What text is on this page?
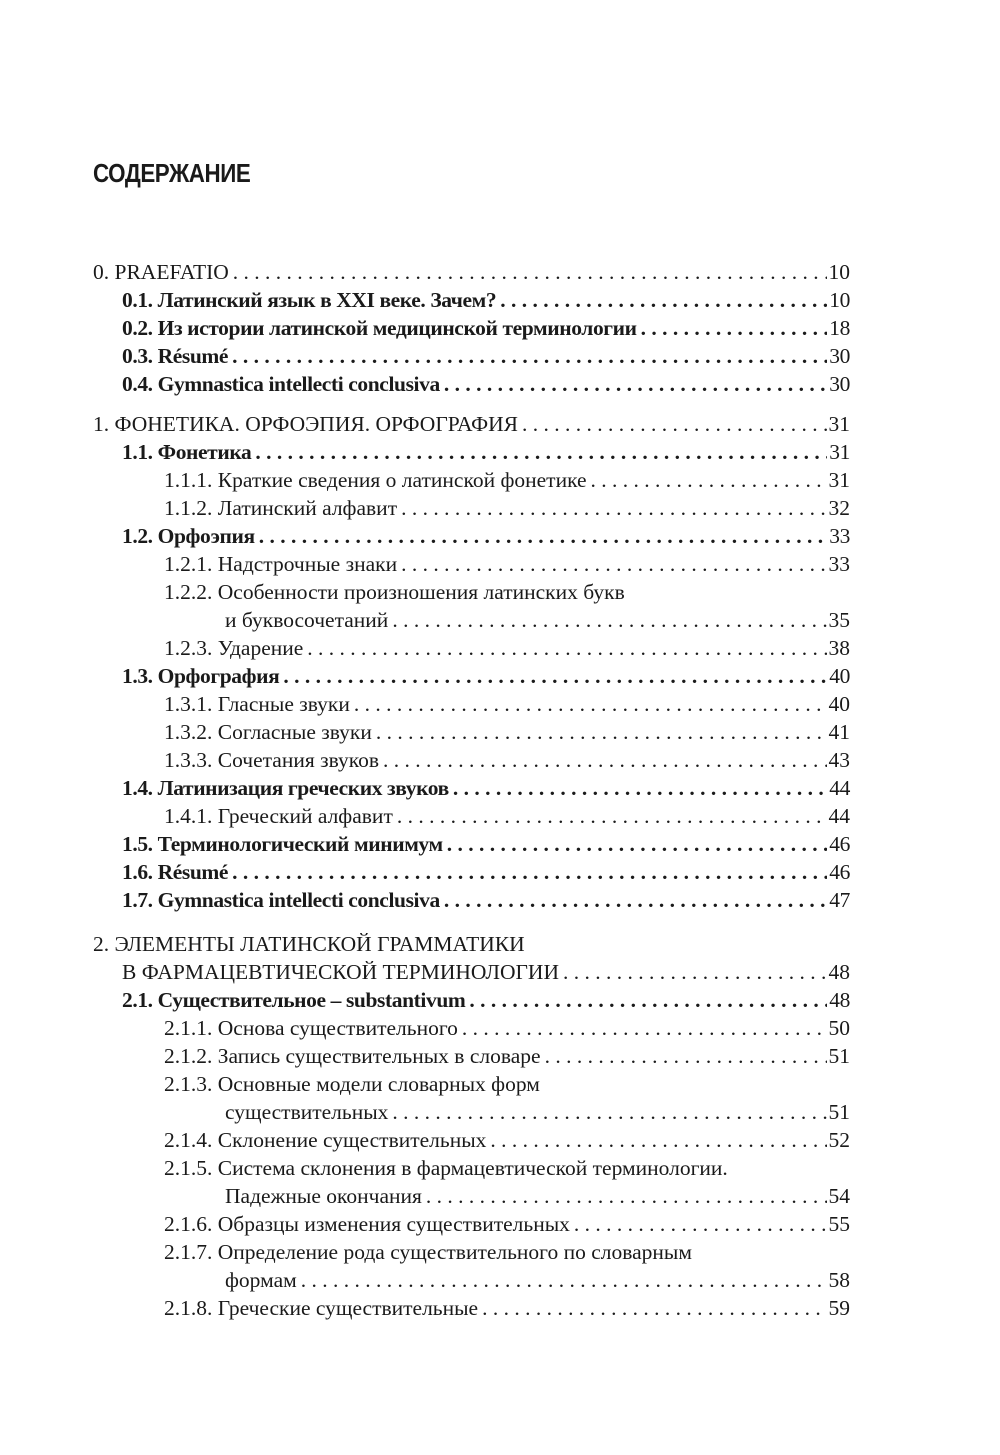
СОДЕРЖАНИЕ
0. PRAEFATIO . . .	10
0.1. Латинский язык в XXI веке. Зачем? . . .	10
0.2. Из истории латинской медицинской терминологии . . .	18
0.3. Résumé . . .	30
0.4. Gymnastica intellecti conclusiva . . .	30
1. ФОНЕТИКА. ОРФОЭПИЯ. ОРФОГРАФИЯ . . .	31
1.1. Фонетика . . .	31
1.1.1. Краткие сведения о латинской фонетике . . .	31
1.1.2. Латинский алфавит . . .	32
1.2. Орфоэпия . . .	33
1.2.1. Надстрочные знаки . . .	33
1.2.2. Особенности произношения латинских букв
и буквосочетаний . . .	35
1.2.3. Ударение . . .	38
1.3. Орфография . . .	40
1.3.1. Гласные звуки . . .	40
1.3.2. Согласные звуки . . .	41
1.3.3. Сочетания звуков . . .	43
1.4. Латинизация греческих звуков . . .	44
1.4.1. Греческий алфавит . . .	44
1.5. Терминологический минимум . . .	46
1.6. Résumé . . .	46
1.7. Gymnastica intellecti conclusiva . . .	47
2. ЭЛЕМЕНТЫ ЛАТИНСКОЙ ГРАММАТИКИ
В ФАРМАЦЕВТИЧЕСКОЙ ТЕРМИНОЛОГИИ . . .	48
2.1. Существительное – substantivum . . .	48
2.1.1. Основа существительного . . .	50
2.1.2. Запись существительных в словаре . . .	51
2.1.3. Основные модели словарных форм
существительных . . .	51
2.1.4. Склонение существительных . . .	52
2.1.5. Система склонения в фармацевтической терминологии.
Падежные окончания . . .	54
2.1.6. Образцы изменения существительных . . .	55
2.1.7. Определение рода существительного по словарным
формам . . .	58
2.1.8. Греческие существительные . . .	59
